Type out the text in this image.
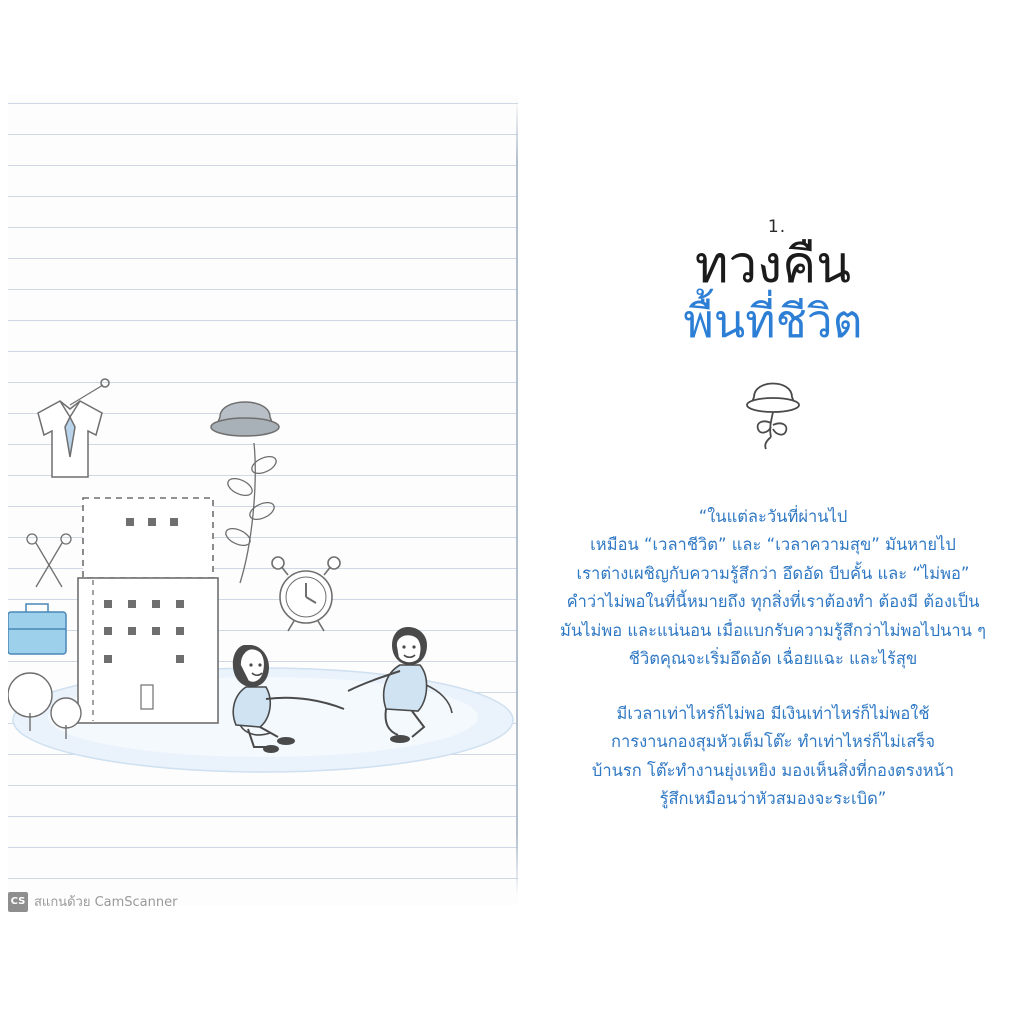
1.
ทวงคืน
พื้นที่ชีวิต
“ในแต่ละวันที่ผ่านไป
เหมือน “เวลาชีวิต” และ “เวลาความสุข” มันหายไป
เราต่างเผชิญกับความรู้สึกว่า อึดอัด บีบคั้น และ “ไม่พอ”
คำว่าไม่พอในที่นี้หมายถึง ทุกสิ่งที่เราต้องทำ ต้องมี ต้องเป็น
มันไม่พอ และแน่นอน เมื่อแบกรับความรู้สึกว่าไม่พอไปนาน ๆ
ชีวิตคุณจะเริ่มอึดอัด เฉื่อยแฉะ และไร้สุข
มีเวลาเท่าไหร่ก็ไม่พอ มีเงินเท่าไหร่ก็ไม่พอใช้
การงานกองสุมหัวเต็มโต๊ะ ทำเท่าไหร่ก็ไม่เสร็จ
บ้านรก โต๊ะทำงานยุ่งเหยิง มองเห็นสิ่งที่กองตรงหน้า
รู้สึกเหมือนว่าหัวสมองจะระเบิด”
CS สแกนด้วย CamScanner
